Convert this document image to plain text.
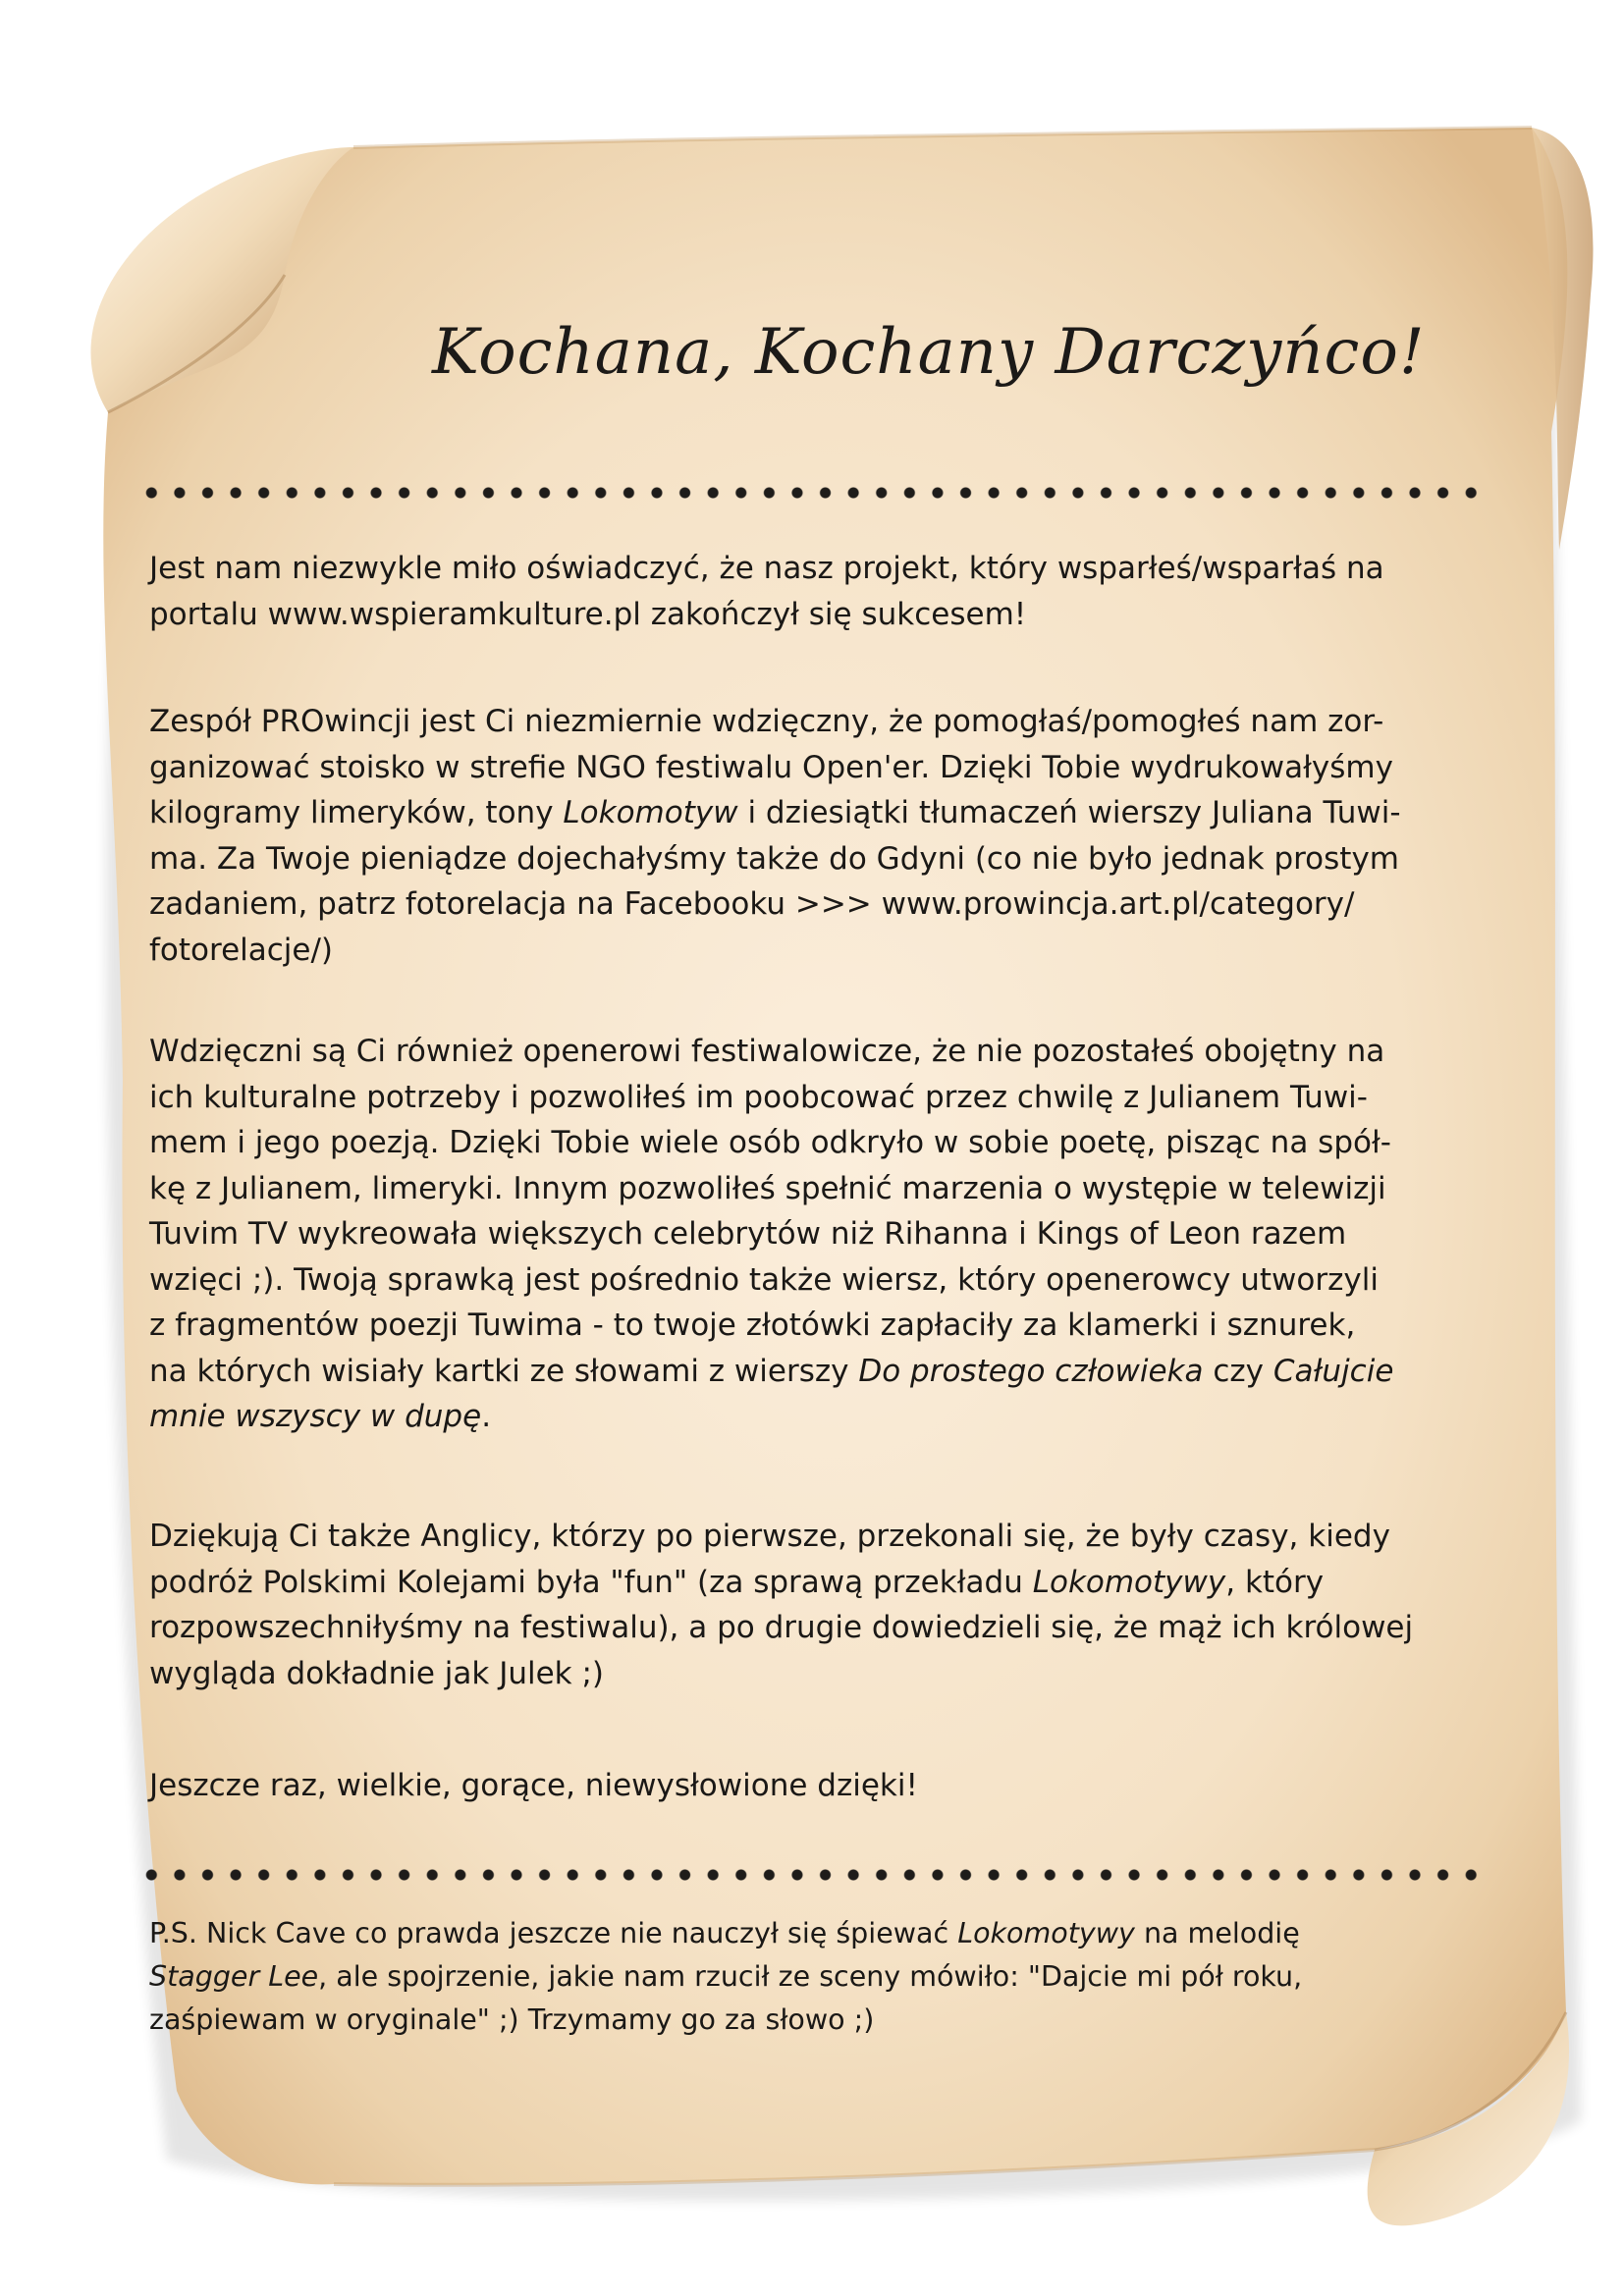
Kochana, Kochany Darczyńco!
Jest nam niezwykle miło oświadczyć, że nasz projekt, który wsparłeś/wsparłaś na
portalu www.wspieramkulture.pl zakończył się sukcesem!
Zespół PROwincji jest Ci niezmiernie wdzięczny, że pomogłaś/pomogłeś nam zor-
ganizować stoisko w strefie NGO festiwalu Open'er. Dzięki Tobie wydrukowałyśmy
kilogramy limeryków, tony Lokomotyw i dziesiątki tłumaczeń wierszy Juliana Tuwi-
ma. Za Twoje pieniądze dojechałyśmy także do Gdyni (co nie było jednak prostym
zadaniem, patrz fotorelacja na Facebooku >>> www.prowincja.art.pl/category/
fotorelacje/)
Wdzięczni są Ci również openerowi festiwalowicze, że nie pozostałeś obojętny na
ich kulturalne potrzeby i pozwoliłeś im poobcować przez chwilę z Julianem Tuwi-
mem i jego poezją. Dzięki Tobie wiele osób odkryło w sobie poetę, pisząc na spół-
kę z Julianem, limeryki. Innym pozwoliłeś spełnić marzenia o występie w telewizji
Tuvim TV wykreowała większych celebrytów niż Rihanna i Kings of Leon razem
wzięci ;). Twoją sprawką jest pośrednio także wiersz, który openerowcy utworzyli
z fragmentów poezji Tuwima - to twoje złotówki zapłaciły za klamerki i sznurek,
na których wisiały kartki ze słowami z wierszy Do prostego człowieka czy Całujcie
mnie wszyscy w dupę.
Dziękują Ci także Anglicy, którzy po pierwsze, przekonali się, że były czasy, kiedy
podróż Polskimi Kolejami była "fun" (za sprawą przekładu Lokomotywy, który
rozpowszechniłyśmy na festiwalu), a po drugie dowiedzieli się, że mąż ich królowej
wygląda dokładnie jak Julek ;)
Jeszcze raz, wielkie, gorące, niewysłowione dzięki!
P.S. Nick Cave co prawda jeszcze nie nauczył się śpiewać Lokomotywy na melodię
Stagger Lee, ale spojrzenie, jakie nam rzucił ze sceny mówiło: "Dajcie mi pół roku,
zaśpiewam w oryginale" ;) Trzymamy go za słowo ;)
